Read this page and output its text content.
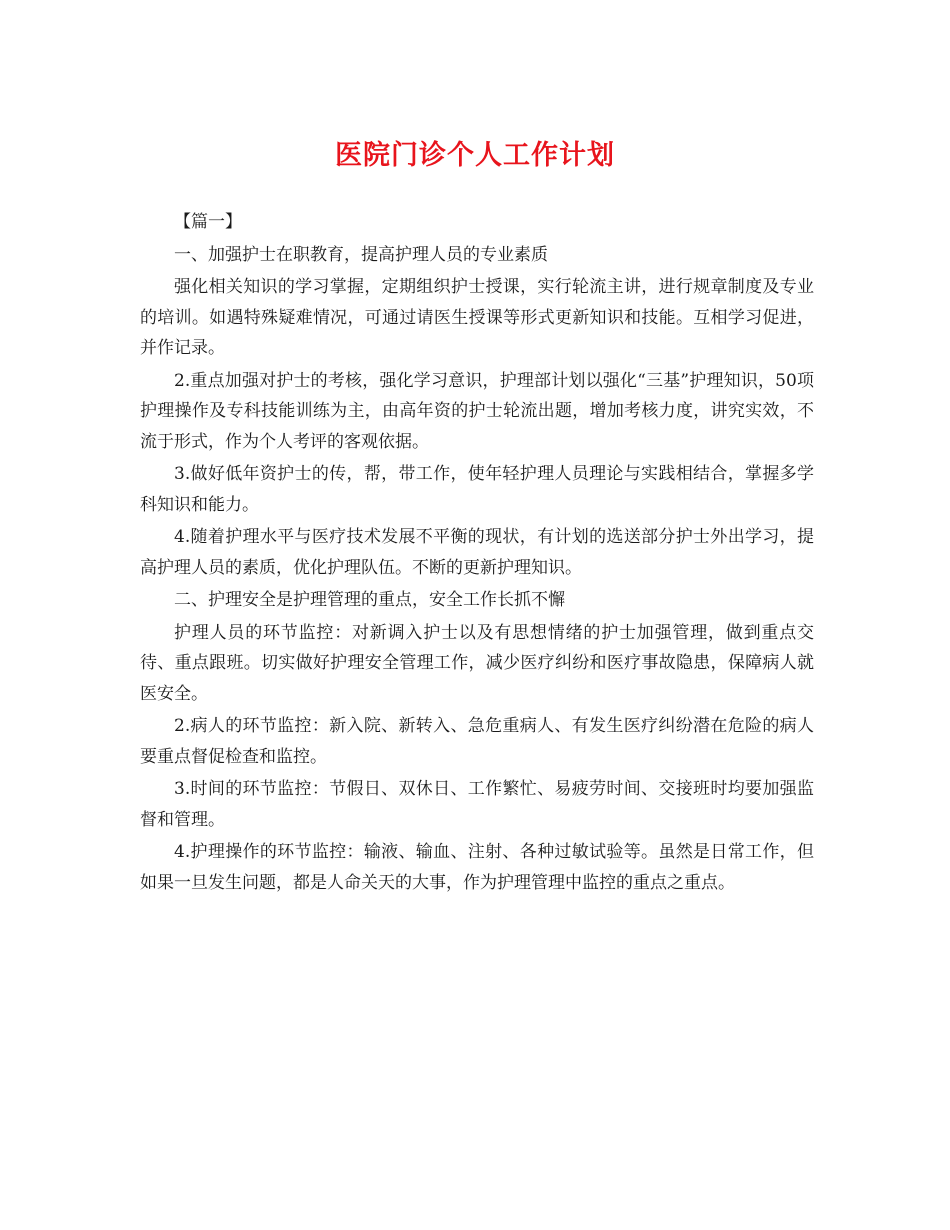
医院门诊个人工作计划

【篇一】

一、加强护士在职教育，提高护理人员的专业素质

强化相关知识的学习掌握，定期组织护士授课，实行轮流主讲，进行规章制度及专业的培训。如遇特殊疑难情况，可通过请医生授课等形式更新知识和技能。互相学习促进，并作记录。

2.重点加强对护士的考核，强化学习意识，护理部计划以强化“三基”护理知识，50项护理操作及专科技能训练为主，由高年资的护士轮流出题，增加考核力度，讲究实效，不流于形式，作为个人考评的客观依据。

3.做好低年资护士的传，帮，带工作，使年轻护理人员理论与实践相结合，掌握多学科知识和能力。

4.随着护理水平与医疗技术发展不平衡的现状，有计划的选送部分护士外出学习，提高护理人员的素质，优化护理队伍。不断的更新护理知识。

二、护理安全是护理管理的重点，安全工作长抓不懈

护理人员的环节监控：对新调入护士以及有思想情绪的护士加强管理，做到重点交待、重点跟班。切实做好护理安全管理工作，减少医疗纠纷和医疗事故隐患，保障病人就医安全。

2.病人的环节监控：新入院、新转入、急危重病人、有发生医疗纠纷潜在危险的病人要重点督促检查和监控。

3.时间的环节监控：节假日、双休日、工作繁忙、易疲劳时间、交接班时均要加强监督和管理。

4.护理操作的环节监控：输液、输血、注射、各种过敏试验等。虽然是日常工作，但如果一旦发生问题，都是人命关天的大事，作为护理管理中监控的重点之重点。
